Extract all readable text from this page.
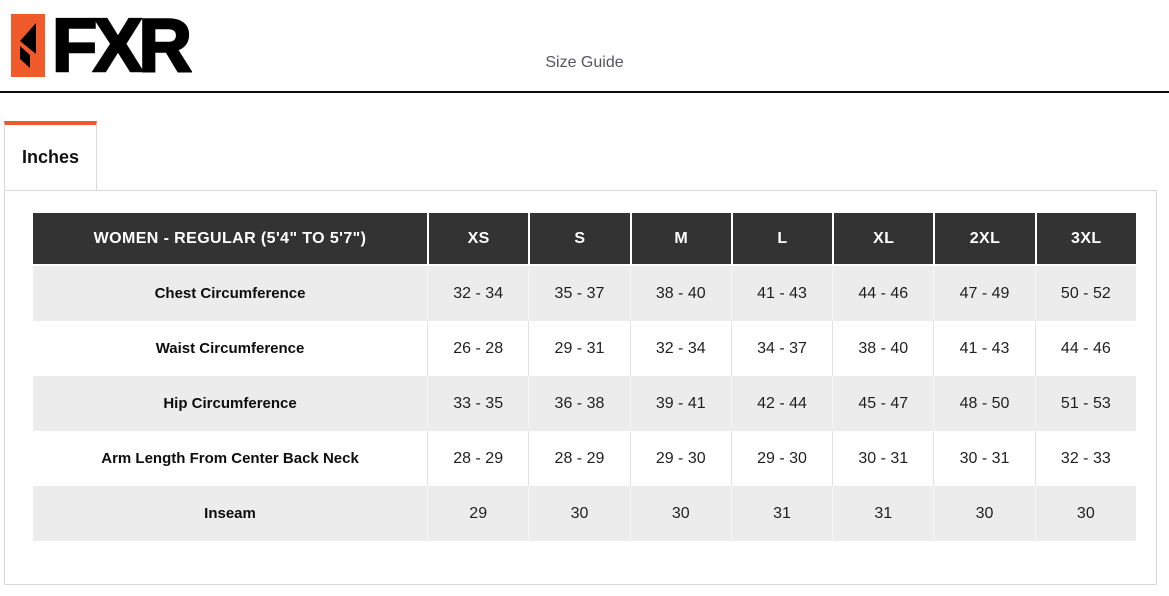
FXR	Size Guide
Inches
WOMEN - REGULAR (5'4" TO 5'7")	XS	S	M	L	XL	2XL	3XL
Chest Circumference	32 - 34	35 - 37	38 - 40	41 - 43	44 - 46	47 - 49	50 - 52
Waist Circumference	26 - 28	29 - 31	32 - 34	34 - 37	38 - 40	41 - 43	44 - 46
Hip Circumference	33 - 35	36 - 38	39 - 41	42 - 44	45 - 47	48 - 50	51 - 53
Arm Length From Center Back Neck	28 - 29	28 - 29	29 - 30	29 - 30	30 - 31	30 - 31	32 - 33
Inseam	29	30	30	31	31	30	30
